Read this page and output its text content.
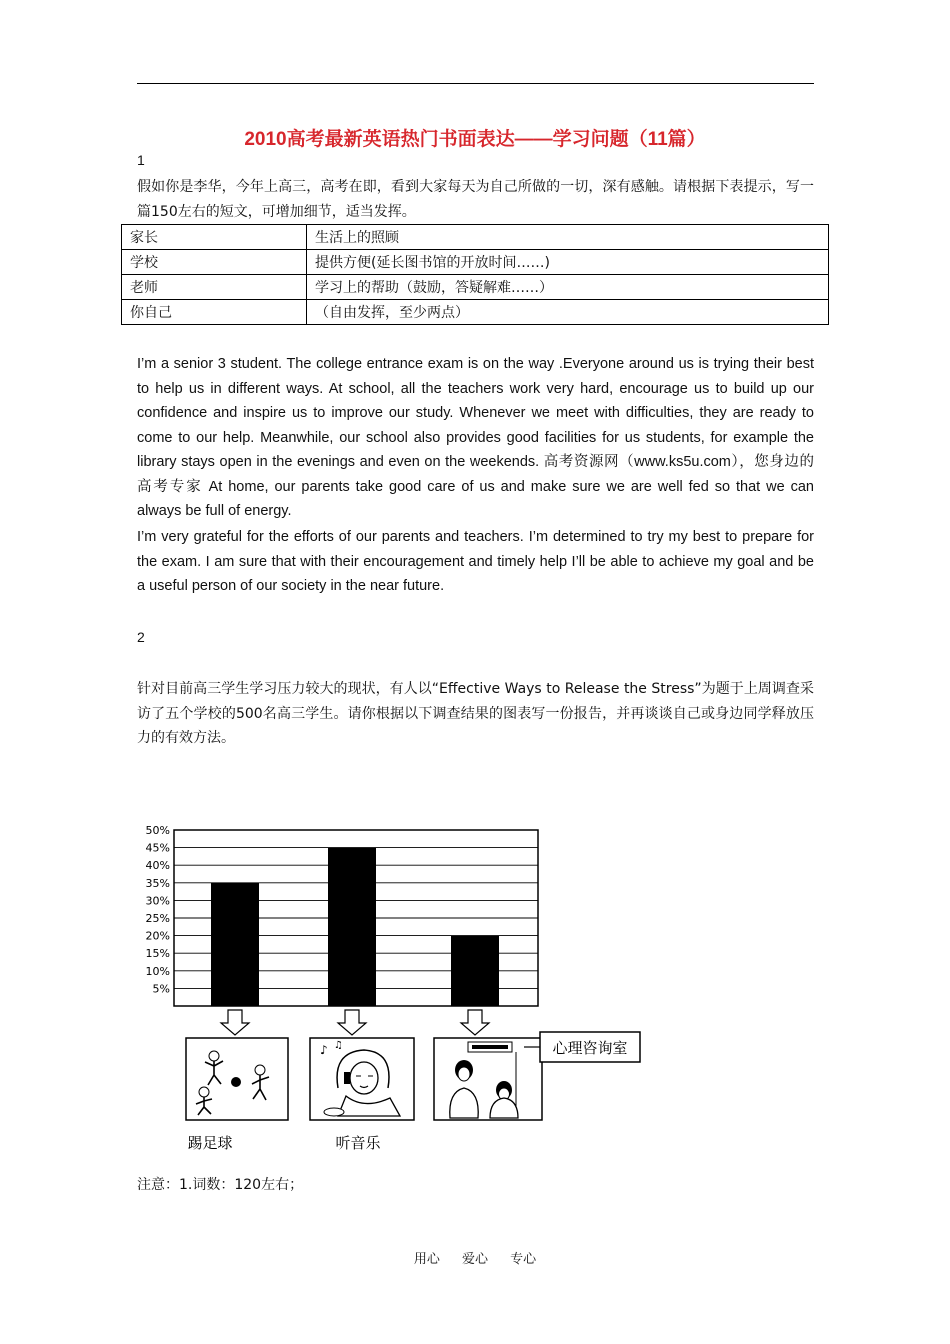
2010高考最新英语热门书面表达——学习问题（11篇）
1
假如你是李华，今年上高三，高考在即，看到大家每天为自己所做的一切，深有感触。请根据下表提示，写一篇150左右的短文，可增加细节，适当发挥。
家长	生活上的照顾
学校	提供方便(延长图书馆的开放时间……)
老师	学习上的帮助（鼓励，答疑解难……）
你自己	（自由发挥，至少两点）
I’m a senior 3 student. The college entrance exam is on the way .Everyone around us is trying their best to help us in different ways. At school, all the teachers work very hard, encourage us to build up our confidence and inspire us to improve our study. Whenever we meet with difficulties, they are ready to come to our help. Meanwhile, our school also provides good facilities for us students, for example the library stays open in the evenings and even on the weekends. 高考资源网（www.ks5u.com），您身边的高考专家 At home, our parents take good care of us and make sure we are well fed so that we can always be full of energy.
I’m very grateful for the efforts of our parents and teachers. I’m determined to try my best to prepare for the exam. I am sure that with their encouragement and timely help I’ll be able to achieve my goal and be a useful person of our society in the near future.
2
针对目前高三学生学习压力较大的现状，有人以“Effective Ways to Release the Stress”为题于上周调查采访了五个学校的500名高三学生。请你根据以下调查结果的图表写一份报告，并再谈谈自己或身边同学释放压力的有效方法。
5%
10%
15%
20%
25%
30%
35%
40%
45%
50%
♪ ♫	心理咨询室
踢足球	听音乐
注意：1.词数：120左右；
用心 爱心 专心
